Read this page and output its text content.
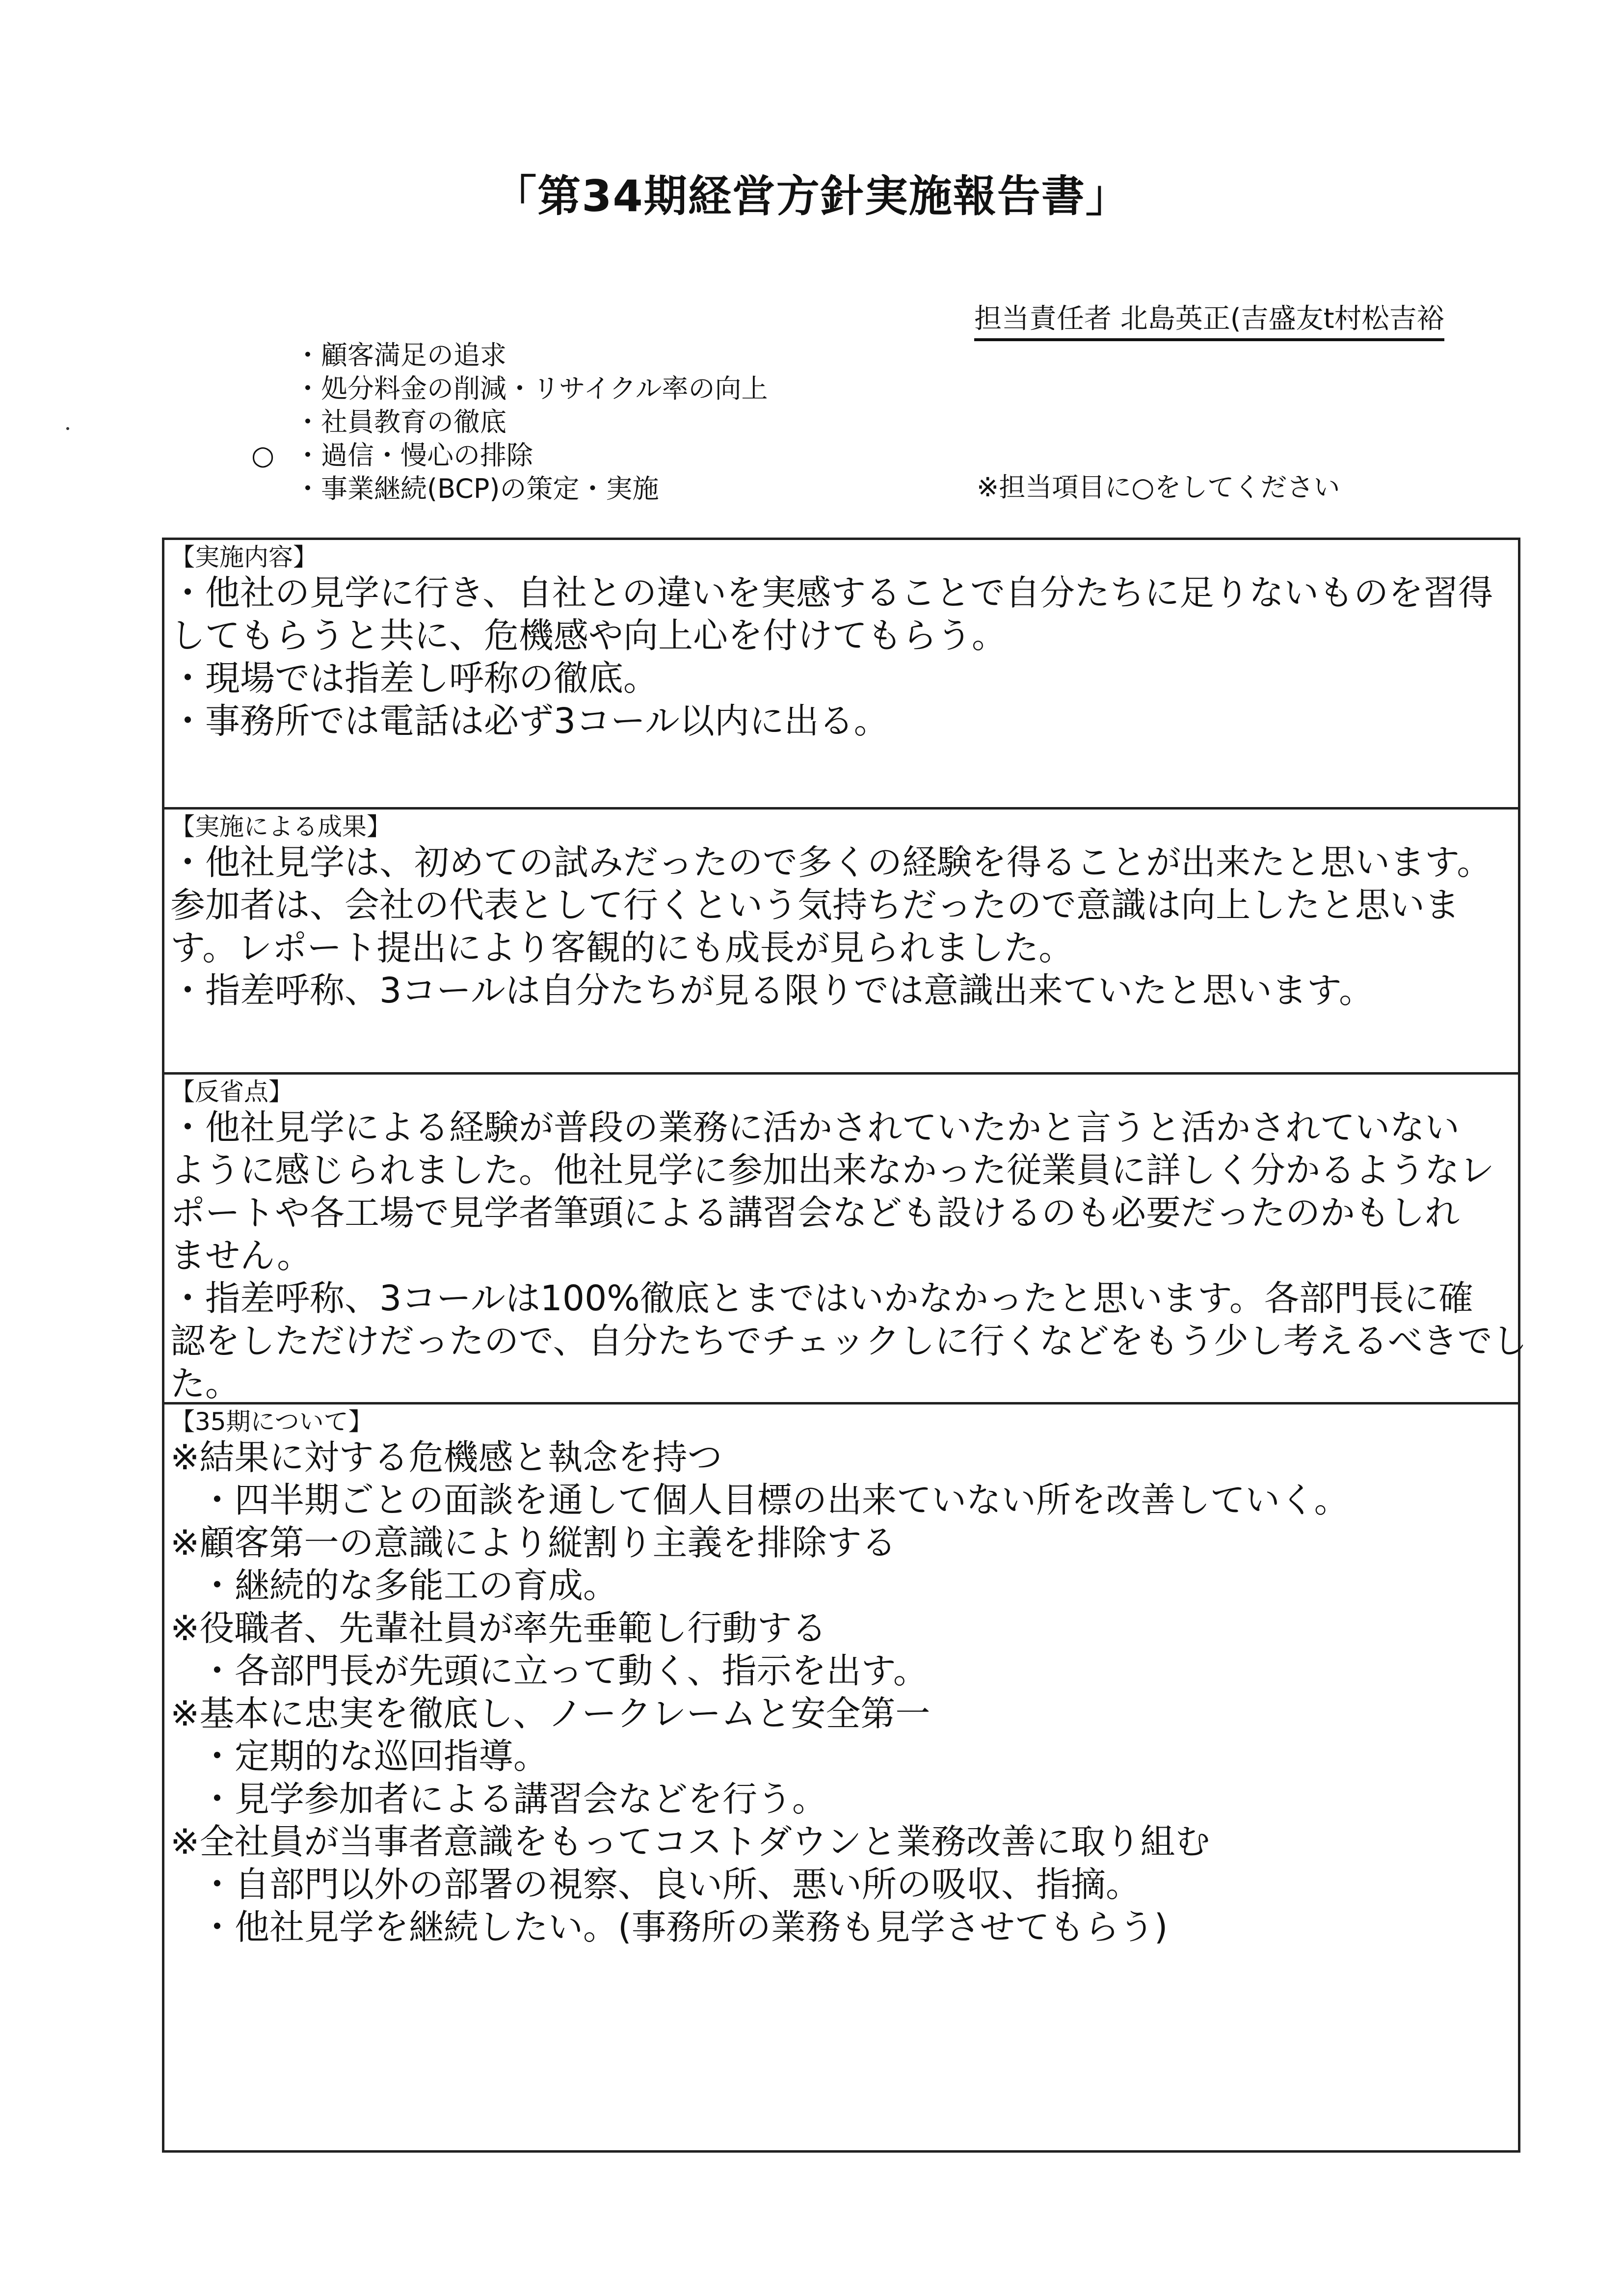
「第34期経営方針実施報告書」
担当責任者 北島英正(吉盛友t村松吉裕
・顧客満足の追求
・処分料金の削減・リサイクル率の向上
・社員教育の徹底
○ ・過信・慢心の排除
・事業継続(BCP)の策定・実施	※担当項目に○をしてください
【実施内容】
・他社の見学に行き、自社との違いを実感することで自分たちに足りないものを習得
してもらうと共に、危機感や向上心を付けてもらう。
・現場では指差し呼称の徹底。
・事務所では電話は必ず3コール以内に出る。
【実施による成果】
・他社見学は、初めての試みだったので多くの経験を得ることが出来たと思います。
参加者は、会社の代表として行くという気持ちだったので意識は向上したと思いま
す。レポート提出により客観的にも成長が見られました。
・指差呼称、3コールは自分たちが見る限りでは意識出来ていたと思います。
【反省点】
・他社見学による経験が普段の業務に活かされていたかと言うと活かされていない
ように感じられました。他社見学に参加出来なかった従業員に詳しく分かるようなレ
ポートや各工場で見学者筆頭による講習会なども設けるのも必要だったのかもしれ
ません。
・指差呼称、3コールは100%徹底とまではいかなかったと思います。各部門長に確
認をしただけだったので、自分たちでチェックしに行くなどをもう少し考えるべきでし
た。
【35期について】
※結果に対する危機感と執念を持つ
・四半期ごとの面談を通して個人目標の出来ていない所を改善していく。
※顧客第一の意識により縦割り主義を排除する
・継続的な多能工の育成。
※役職者、先輩社員が率先垂範し行動する
・各部門長が先頭に立って動く、指示を出す。
※基本に忠実を徹底し、ノークレームと安全第一
・定期的な巡回指導。
・見学参加者による講習会などを行う。
※全社員が当事者意識をもってコストダウンと業務改善に取り組む
・自部門以外の部署の視察、良い所、悪い所の吸収、指摘。
・他社見学を継続したい。(事務所の業務も見学させてもらう)
